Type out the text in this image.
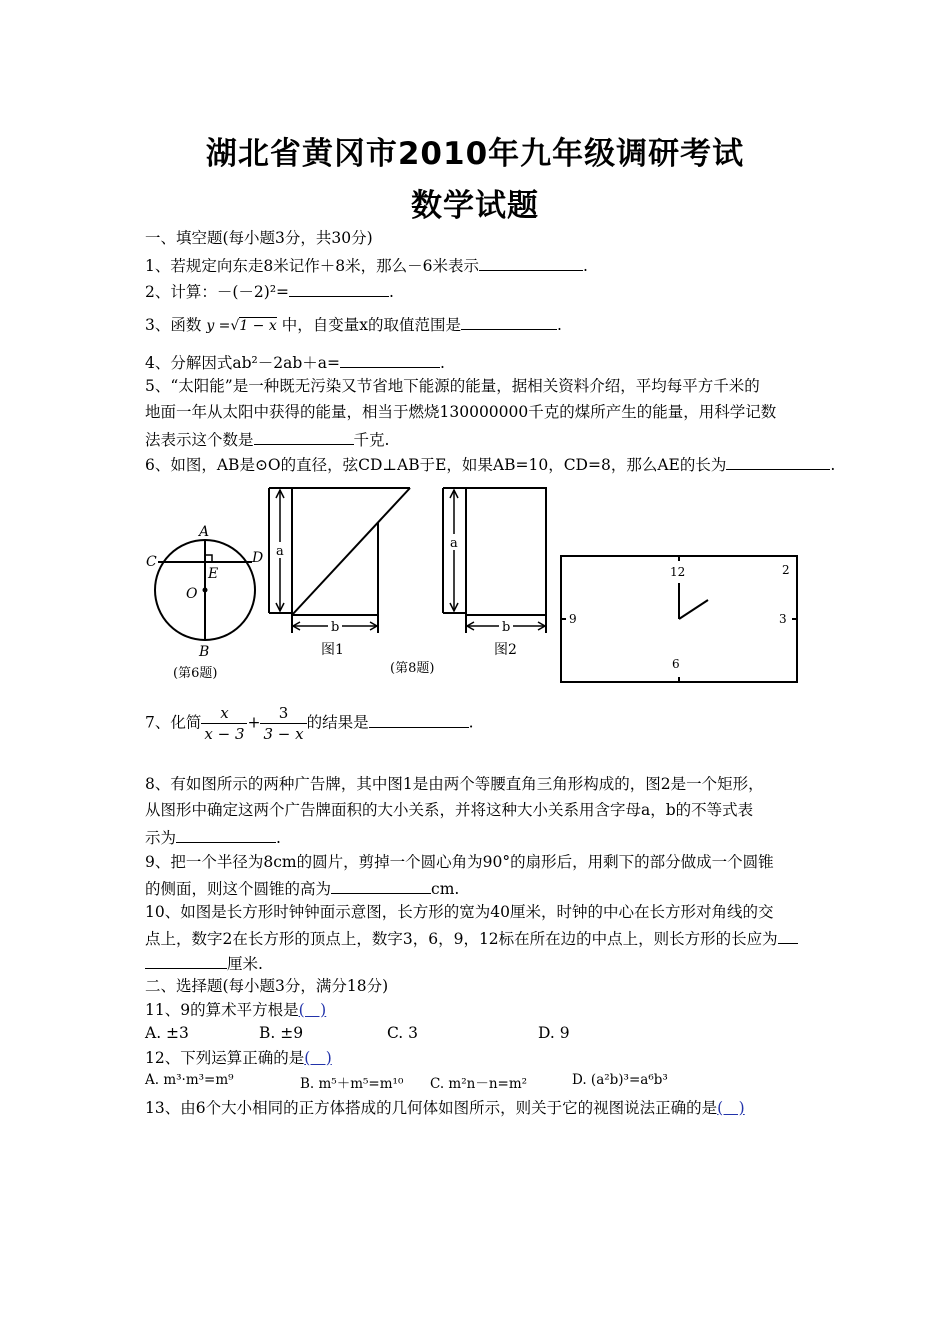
湖北省黄冈市2010年九年级调研考试
数学试题
一、填空题(每小题3分，共30分)
1、若规定向东走8米记作＋8米，那么－6米表示	.
2、计算：－(－2)²=	.
3、函数 y =√1 − x 中，自变量x的取值范围是	.
4、分解因式ab²－2ab＋a=	.
5、“太阳能”是一种既无污染又节省地下能源的能量，据相关资料介绍，平均每平方千米的
地面一年从太阳中获得的能量，相当于燃烧130000000千克的煤所产生的能量，用科学记数
法表示这个数是	千克.
6、如图，AB是⊙O的直径，弦CD⊥AB于E，如果AB=10，CD=8，那么AE的长为	.
A
B
C	D
E
O
(第6题)
a
b
图1
(第8题)
a
b
图2
12	2
3
6
9
7、化简 $\frac{x}{x - 3} + \frac{3}{3 - x}$ 的结果是	.
8、有如图所示的两种广告牌，其中图1是由两个等腰直角三角形构成的，图2是一个矩形，
从图形中确定这两个广告牌面积的大小关系，并将这种大小关系用含字母a，b的不等式表
示为	.
9、把一个半径为8cm的圆片，剪掉一个圆心角为90°的扇形后，用剩下的部分做成一个圆锥
的侧面，则这个圆锥的高为	cm.
10、如图是长方形时钟钟面示意图，长方形的宽为40厘米，时钟的中心在长方形对角线的交
点上，数字2在长方形的顶点上，数字3，6，9，12标在所在边的中点上，则长方形的长应为
厘米.
二、选择题(每小题3分，满分18分)
11、9的算术平方根是(　)
A. ±3	B. ±9	C. 3	D. 9
12、下列运算正确的是(　)
A. m³·m³=m⁹	B. m⁵＋m⁵=m¹⁰ C. m²n－n=m²	D. (a²b)³=a⁶b³
13、由6个大小相同的正方体搭成的几何体如图所示，则关于它的视图说法正确的是(　)
